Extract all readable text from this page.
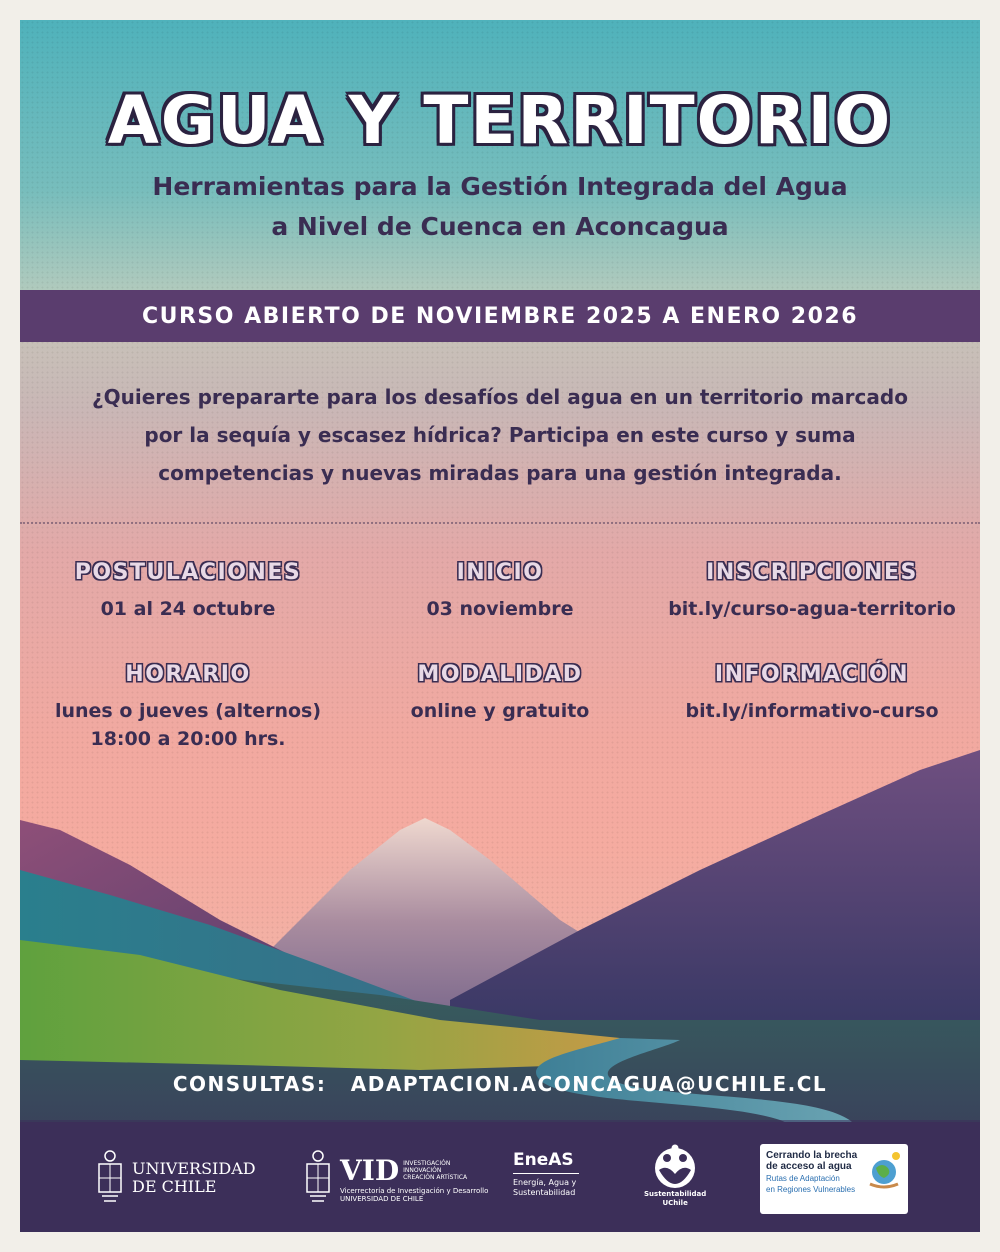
AGUA Y TERRITORIO
Herramientas para la Gestión Integrada del Agua
a Nivel de Cuenca en Aconcagua
CURSO ABIERTO DE NOVIEMBRE 2025 A ENERO 2026
¿Quieres prepararte para los desafíos del agua en un territorio marcado
por la sequía y escasez hídrica? Participa en este curso y suma
competencias y nuevas miradas para una gestión integrada.
POSTULACIONES
01 al 24 octubre
INICIO
03 noviembre
INSCRIPCIONES
bit.ly/curso-agua-territorio
HORARIO
lunes o jueves (alternos)
18:00 a 20:00 hrs.
MODALIDAD
online y gratuito
INFORMACIÓN
bit.ly/informativo-curso
CONSULTAS: ADAPTACION.ACONCAGUA@UCHILE.CL
UNIVERSIDAD
DE CHILE	VID INVESTIGACIÓN
INNOVACIÓN
CREACIÓN ARTÍSTICA
Vicerrectoría de Investigación y Desarrollo
UNIVERSIDAD DE CHILE
EneAS
Energía, Agua y
Sustentabilidad	Sustentabilidad
UChile
Cerrando la brecha
de acceso al agua
Rutas de Adaptación
en Regiones Vulnerables
